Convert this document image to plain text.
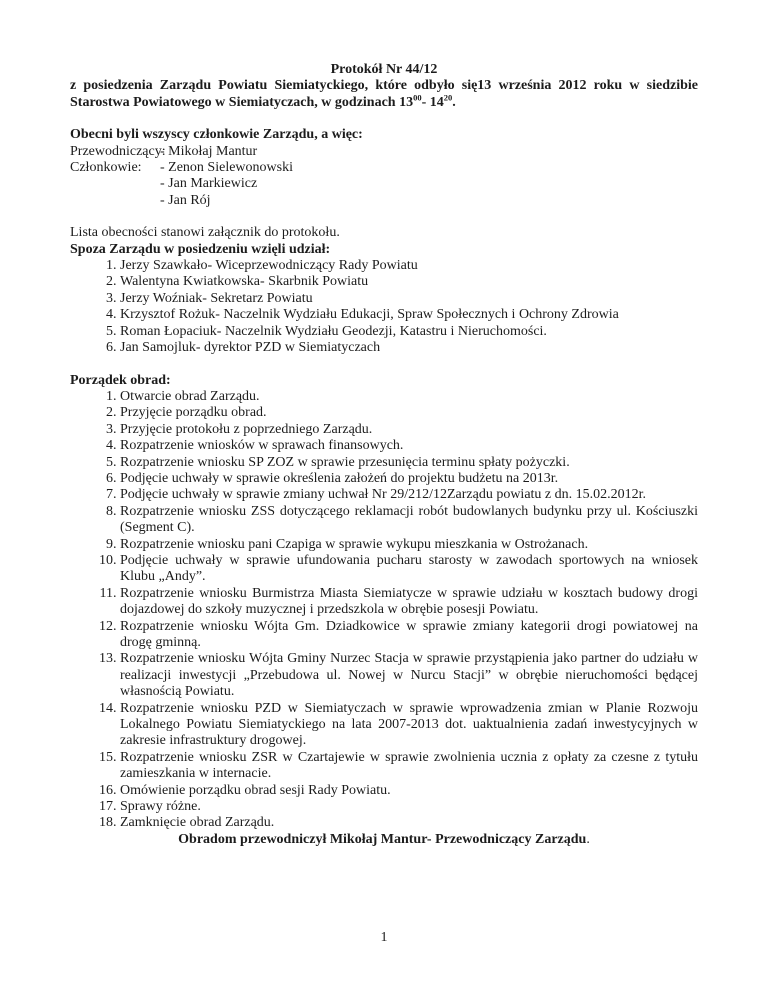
Protokół Nr 44/12

z posiedzenia Zarządu Powiatu Siemiatyckiego, które odbyło się13 września 2012 roku w siedzibie Starostwa Powiatowego w Siemiatyczach, w godzinach $13^{00}-$ $14^{20}$.

Obecni byli wszyscy członkowie Zarządu, a więc:
Przewodniczący:
- Mikołaj Mantur
Członkowie:	- Zenon Sielewonowski
- Jan Markiewicz
- Jan Rój
Lista obecności stanowi załącznik do protokołu.
Spoza Zarządu w posiedzeniu wzięli udział:
1. Jerzy Szawkało- Wiceprzewodniczący Rady Powiatu
2. Walentyna Kwiatkowska- Skarbnik Powiatu
3. Jerzy Woźniak- Sekretarz Powiatu
4. Krzysztof Rożuk- Naczelnik Wydziału Edukacji, Spraw Społecznych i Ochrony Zdrowia
5. Roman Łopaciuk- Naczelnik Wydziału Geodezji, Katastru i Nieruchomości.
6. Jan Samojluk- dyrektor PZD w Siemiatyczach
Porządek obrad:
1. Otwarcie obrad Zarządu.
2. Przyjęcie porządku obrad.
3. Przyjęcie protokołu z poprzedniego Zarządu.
4. Rozpatrzenie wniosków w sprawach finansowych.
5. Rozpatrzenie wniosku SP ZOZ w sprawie przesunięcia terminu spłaty pożyczki.
6. Podjęcie uchwały w sprawie określenia założeń do projektu budżetu na 2013r.
7. Podjęcie uchwały w sprawie zmiany uchwał Nr 29/212/12Zarządu powiatu z dn. 15.02.2012r.
8. Rozpatrzenie wniosku ZSS dotyczącego reklamacji robót budowlanych budynku przy ul. Kościuszki (Segment C).
9. Rozpatrzenie wniosku pani Czapiga w sprawie wykupu mieszkania w Ostrożanach.
10. Podjęcie uchwały w sprawie ufundowania pucharu starosty w zawodach sportowych na wniosek Klubu „Andy”.
11. Rozpatrzenie wniosku Burmistrza Miasta Siemiatycze w sprawie udziału w kosztach budowy drogi dojazdowej do szkoły muzycznej i przedszkola w obrębie posesji Powiatu.
12. Rozpatrzenie wniosku Wójta Gm. Dziadkowice w sprawie zmiany kategorii drogi powiatowej na drogę gminną.
13. Rozpatrzenie wniosku Wójta Gminy Nurzec Stacja w sprawie przystąpienia jako partner do udziału w realizacji inwestycji „Przebudowa ul. Nowej w Nurcu Stacji” w obrębie nieruchomości będącej własnością Powiatu.
14. Rozpatrzenie wniosku PZD w Siemiatyczach w sprawie wprowadzenia zmian w Planie Rozwoju Lokalnego Powiatu Siemiatyckiego na lata 2007-2013 dot. uaktualnienia zadań inwestycyjnych w zakresie infrastruktury drogowej.
15. Rozpatrzenie wniosku ZSR w Czartajewie w sprawie zwolnienia ucznia z opłaty za czesne z tytułu zamieszkania w internacie.
16. Omówienie porządku obrad sesji Rady Powiatu.
17. Sprawy różne.
18. Zamknięcie obrad Zarządu.
Obradom przewodniczył Mikołaj Mantur- Przewodniczący Zarządu.
1
